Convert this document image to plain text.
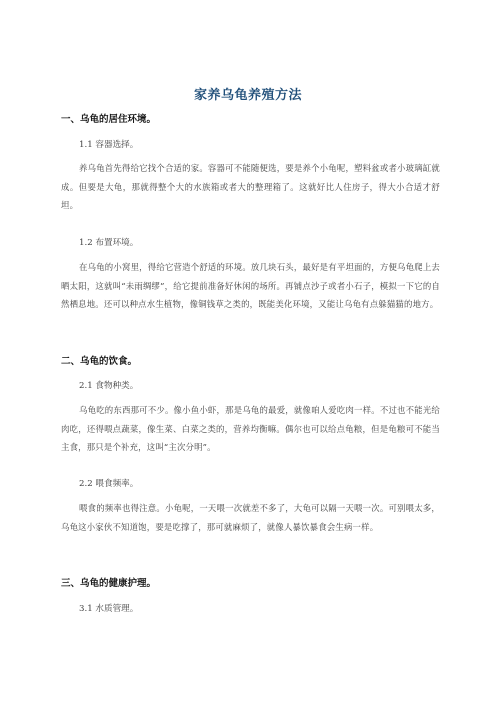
家养乌龟养殖方法
一、乌龟的居住环境。
1.1 容器选择。
养乌龟首先得给它找个合适的家。容器可不能随便选，要是养个小龟呢，塑料盆或者小玻璃缸就成。但要是大龟，那就得整个大的水族箱或者大的整理箱了。这就好比人住房子，得大小合适才舒坦。
1.2 布置环境。
在乌龟的小窝里，得给它营造个舒适的环境。放几块石头，最好是有平坦面的，方便乌龟爬上去晒太阳，这就叫“未雨绸缪”，给它提前准备好休闲的场所。再铺点沙子或者小石子，模拟一下它的自然栖息地。还可以种点水生植物，像铜钱草之类的，既能美化环境，又能让乌龟有点躲猫猫的地方。
二、乌龟的饮食。
2.1 食物种类。
乌龟吃的东西那可不少。像小鱼小虾，那是乌龟的最爱，就像咱人爱吃肉一样。不过也不能光给肉吃，还得喂点蔬菜，像生菜、白菜之类的，营养均衡嘛。偶尔也可以给点龟粮，但是龟粮可不能当主食，那只是个补充，这叫“主次分明”。
2.2 喂食频率。
喂食的频率也得注意。小龟呢，一天喂一次就差不多了，大龟可以隔一天喂一次。可别喂太多，乌龟这小家伙不知道饱，要是吃撑了，那可就麻烦了，就像人暴饮暴食会生病一样。
三、乌龟的健康护理。
3.1 水质管理。
